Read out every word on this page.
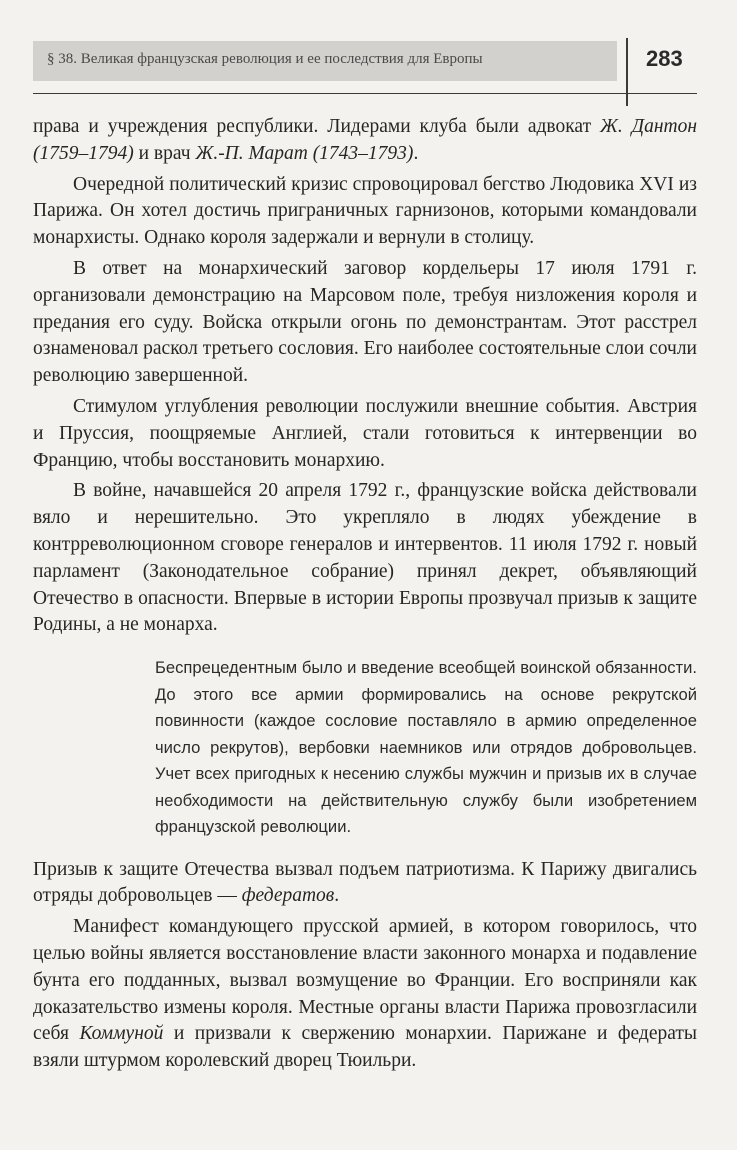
§ 38. Великая французская революция и ее последствия для Европы	283

права и учреждения республики. Лидерами клуба были адвокат Ж. Дантон (1759–1794) и врач Ж.-П. Марат (1743–1793).

Очередной политический кризис спровоцировал бегство Людовика XVI из Парижа. Он хотел достичь приграничных гарнизонов, которыми командовали монархисты. Однако короля задержали и вернули в столицу.

В ответ на монархический заговор кордельеры 17 июля 1791 г. организовали демонстрацию на Марсовом поле, требуя низложения короля и предания его суду. Войска открыли огонь по демонстрантам. Этот расстрел ознаменовал раскол третьего сословия. Его наиболее состоятельные слои сочли революцию завершенной.

Стимулом углубления революции послужили внешние события. Австрия и Пруссия, поощряемые Англией, стали готовиться к интервенции во Францию, чтобы восстановить монархию.

В войне, начавшейся 20 апреля 1792 г., французские войска действовали вяло и нерешительно. Это укрепляло в людях убеждение в контрреволюционном сговоре генералов и интервентов. 11 июля 1792 г. новый парламент (Законодательное собрание) принял декрет, объявляющий Отечество в опасности. Впервые в истории Европы прозвучал призыв к защите Родины, а не монарха.

Беспрецедентным было и введение всеобщей воинской обязанности. До этого все армии формировались на основе рекрутской повинности (каждое сословие поставляло в армию определенное число рекрутов), вербовки наемников или отрядов добровольцев. Учет всех пригодных к несению службы мужчин и призыв их в случае необходимости на действительную службу были изобретением французской революции.

Призыв к защите Отечества вызвал подъем патриотизма. К Парижу двигались отряды добровольцев — федератов.

Манифест командующего прусской армией, в котором говорилось, что целью войны является восстановление власти законного монарха и подавление бунта его подданных, вызвал возмущение во Франции. Его восприняли как доказательство измены короля. Местные органы власти Парижа провозгласили себя Коммуной и призвали к свержению монархии. Парижане и федераты взяли штурмом королевский дворец Тюильри.
